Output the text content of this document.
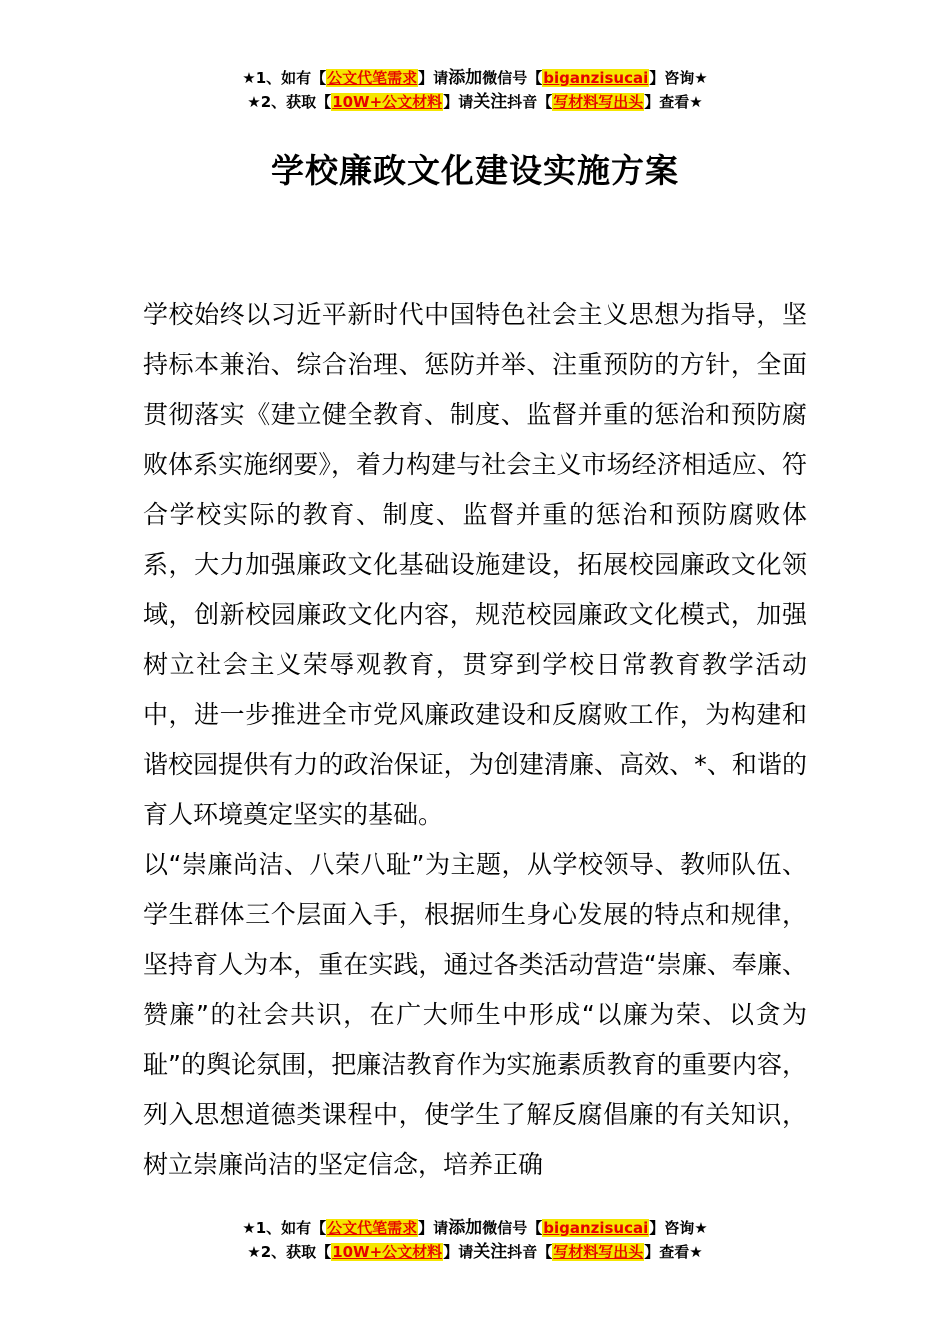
★1、如有【公文代笔需求】请添加微信号【biganzisucai】咨询★
★2、获取【10W+公文材料】请关注抖音【写材料写出头】查看★
学校廉政文化建设实施方案

学校始终以习近平新时代中国特色社会主义思想为指导，坚持标本兼治、综合治理、惩防并举、注重预防的方针，全面贯彻落实《建立健全教育、制度、监督并重的惩治和预防腐败体系实施纲要》，着力构建与社会主义市场经济相适应、符合学校实际的教育、制度、监督并重的惩治和预防腐败体系，大力加强廉政文化基础设施建设，拓展校园廉政文化领域，创新校园廉政文化内容，规范校园廉政文化模式，加强树立社会主义荣辱观教育，贯穿到学校日常教育教学活动中，进一步推进全市党风廉政建设和反腐败工作，为构建和谐校园提供有力的政治保证，为创建清廉、高效、*、和谐的育人环境奠定坚实的基础。

以“崇廉尚洁、八荣八耻”为主题，从学校领导、教师队伍、学生群体三个层面入手，根据师生身心发展的特点和规律，坚持育人为本，重在实践，通过各类活动营造“崇廉、奉廉、赞廉”的社会共识，在广大师生中形成“以廉为荣、以贪为耻”的舆论氛围，把廉洁教育作为实施素质教育的重要内容，列入思想道德类课程中，使学生了解反腐倡廉的有关知识，树立崇廉尚洁的坚定信念，培养正确

★1、如有【公文代笔需求】请添加微信号【biganzisucai】咨询★
★2、获取【10W+公文材料】请关注抖音【写材料写出头】查看★
